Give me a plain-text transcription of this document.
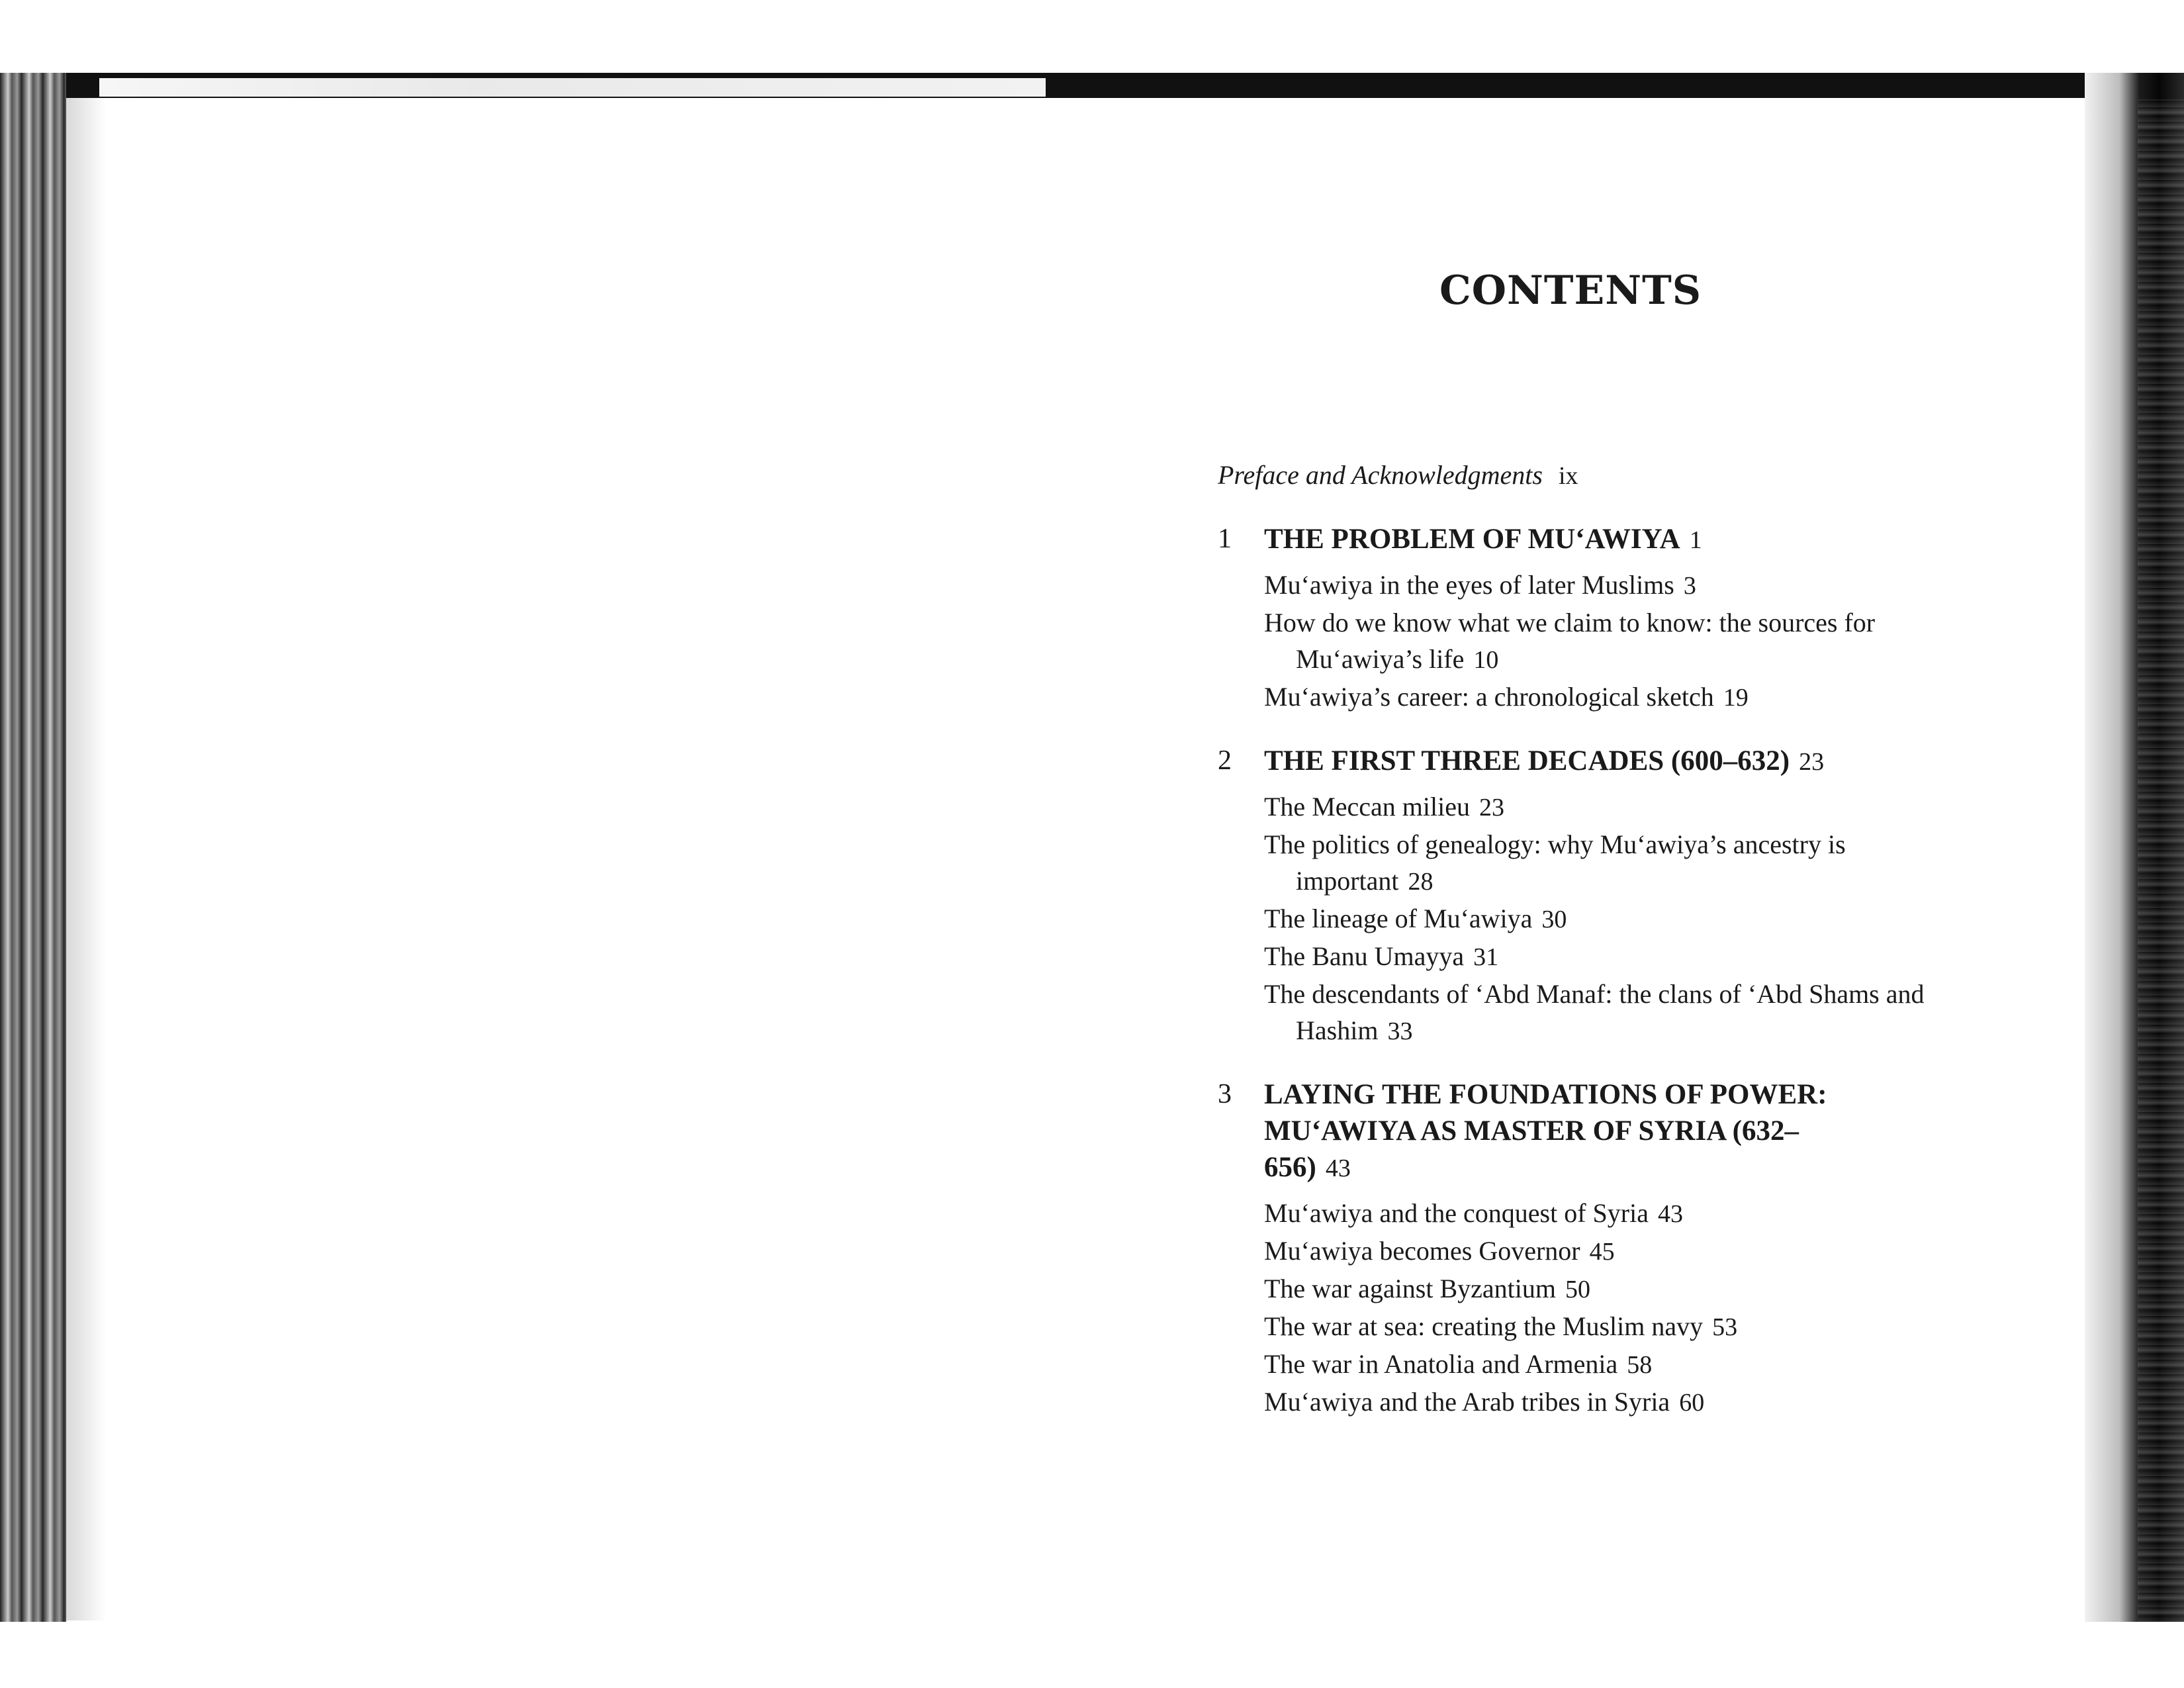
CONTENTS
Preface and Acknowledgments ix
1	THE PROBLEM OF MU‘AWIYA 1
Mu‘awiya in the eyes of later Muslims 3
How do we know what we claim to know: the sources for Mu‘awiya’s life 10
Mu‘awiya’s career: a chronological sketch 19
2	THE FIRST THREE DECADES (600–632) 23
The Meccan milieu 23
The politics of genealogy: why Mu‘awiya’s ancestry is important 28
The lineage of Mu‘awiya 30
The Banu Umayya 31
The descendants of ‘Abd Manaf: the clans of ‘Abd Shams and Hashim 33
3	LAYING THE FOUNDATIONS OF POWER: MU‘AWIYA AS MASTER OF SYRIA (632–656) 43
Mu‘awiya and the conquest of Syria 43
Mu‘awiya becomes Governor 45
The war against Byzantium 50
The war at sea: creating the Muslim navy 53
The war in Anatolia and Armenia 58
Mu‘awiya and the Arab tribes in Syria 60
